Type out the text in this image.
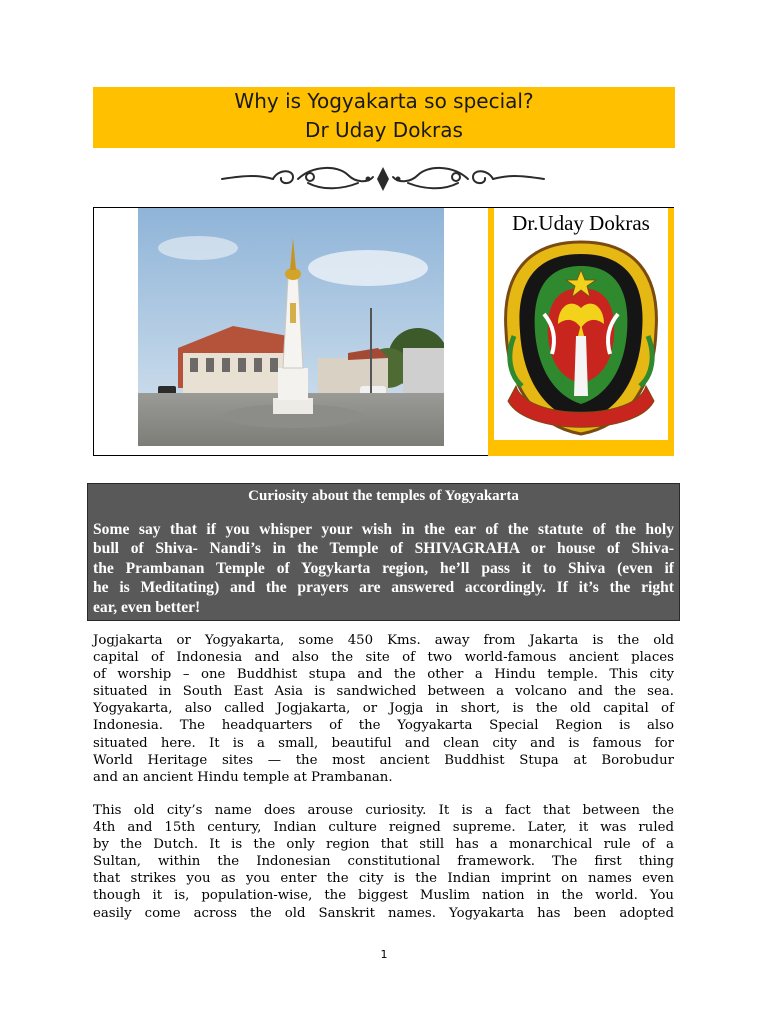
Why is Yogyakarta so special?
Dr Uday Dokras
Dr.Uday Dokras
Curiosity about the temples of Yogyakarta
Some say that if you whisper your wish in the ear of the statute of the holy
bull of Shiva- Nandi’s in the Temple of SHIVAGRAHA or house of Shiva-
the Prambanan Temple of Yogykarta region, he’ll pass it to Shiva (even if
he is Meditating) and the prayers are answered accordingly. If it’s the right
ear, even better!
Jogjakarta or Yogyakarta, some 450 Kms. away from Jakarta is the old
capital of Indonesia and also the site of two world-famous ancient places
of worship – one Buddhist stupa and the other a Hindu temple. This city
situated in South East Asia is sandwiched between a volcano and the sea.
Yogyakarta, also called Jogjakarta, or Jogja in short, is the old capital of
Indonesia. The headquarters of the Yogyakarta Special Region is also
situated here. It is a small, beautiful and clean city and is famous for
World Heritage sites — the most ancient Buddhist Stupa at Borobudur
and an ancient Hindu temple at Prambanan.
This old city’s name does arouse curiosity. It is a fact that between the
4th and 15th century, Indian culture reigned supreme. Later, it was ruled
by the Dutch. It is the only region that still has a monarchical rule of a
Sultan, within the Indonesian constitutional framework. The first thing
that strikes you as you enter the city is the Indian imprint on names even
though it is, population-wise, the biggest Muslim nation in the world. You
easily come across the old Sanskrit names. Yogyakarta has been adopted
1
